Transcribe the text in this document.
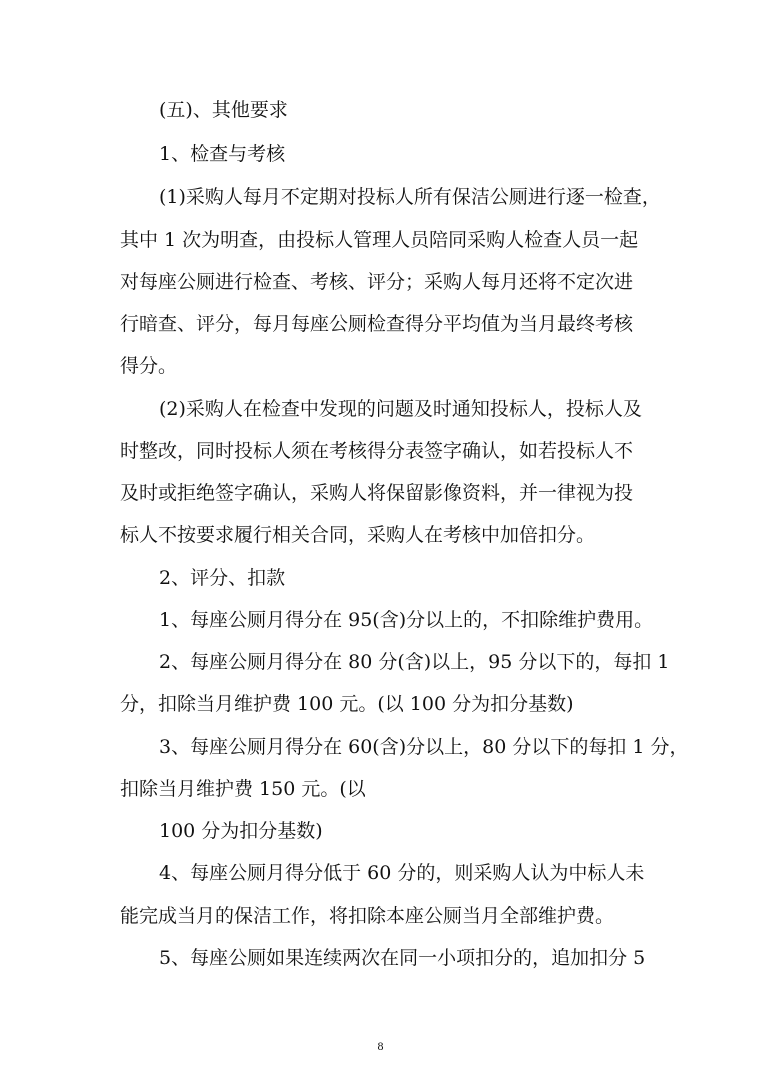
(五)、其他要求
1、检查与考核
(1)采购人每月不定期对投标人所有保洁公厕进行逐一检查，
其中 1 次为明查，由投标人管理人员陪同采购人检查人员一起
对每座公厕进行检查、考核、评分；采购人每月还将不定次进
行暗查、评分，每月每座公厕检查得分平均值为当月最终考核
得分。
(2)采购人在检查中发现的问题及时通知投标人，投标人及
时整改，同时投标人须在考核得分表签字确认，如若投标人不
及时或拒绝签字确认，采购人将保留影像资料，并一律视为投
标人不按要求履行相关合同，采购人在考核中加倍扣分。
2、评分、扣款
1、每座公厕月得分在 95(含)分以上的，不扣除维护费用。
2、每座公厕月得分在 80 分(含)以上，95 分以下的，每扣 1
分，扣除当月维护费 100 元。(以 100 分为扣分基数)
3、每座公厕月得分在 60(含)分以上，80 分以下的每扣 1 分，
扣除当月维护费 150 元。(以
100 分为扣分基数)
4、每座公厕月得分低于 60 分的，则采购人认为中标人未
能完成当月的保洁工作，将扣除本座公厕当月全部维护费。
5、每座公厕如果连续两次在同一小项扣分的，追加扣分 5
8
